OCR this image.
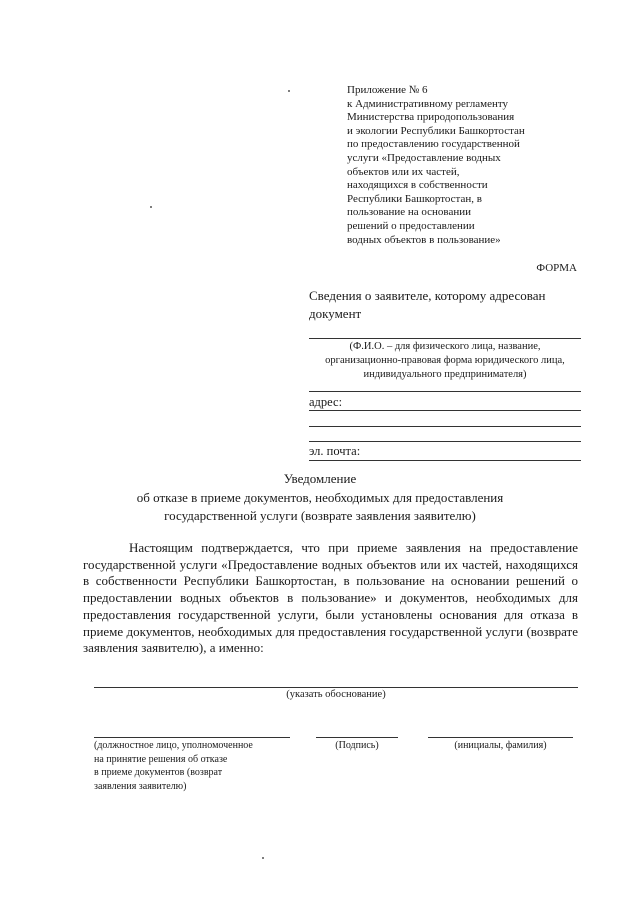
Приложение № 6
к Административному регламенту
Министерства природопользования
и экологии Республики Башкортостан
по предоставлению государственной
услуги «Предоставление водных
объектов или их частей,
находящихся в собственности
Республики Башкортостан, в
пользование на основании
решений о предоставлении
водных объектов в пользование»
ФОРМА
Сведения о заявителе, которому адресован документ
(Ф.И.О. – для физического лица, название,
организационно-правовая форма юридического лица,
индивидуального предпринимателя)
адрес:
эл. почта:
Уведомление
об отказе в приеме документов, необходимых для предоставления
государственной услуги (возврате заявления заявителю)

Настоящим подтверждается, что при приеме заявления на предоставление государственной услуги «Предоставление водных объектов или их частей, находящихся в собственности Республики Башкортостан, в пользование на основании решений о предоставлении водных объектов в пользование» и документов, необходимых для предоставления государственной услуги, были установлены основания для отказа в приеме документов, необходимых для предоставления государственной услуги (возврате заявления заявителю), а именно:

(указать обоснование)
(должностное лицо, уполномоченное
на принятие решения об отказе
в приеме документов (возврат
заявления заявителю)
(Подпись)	(инициалы, фамилия)
